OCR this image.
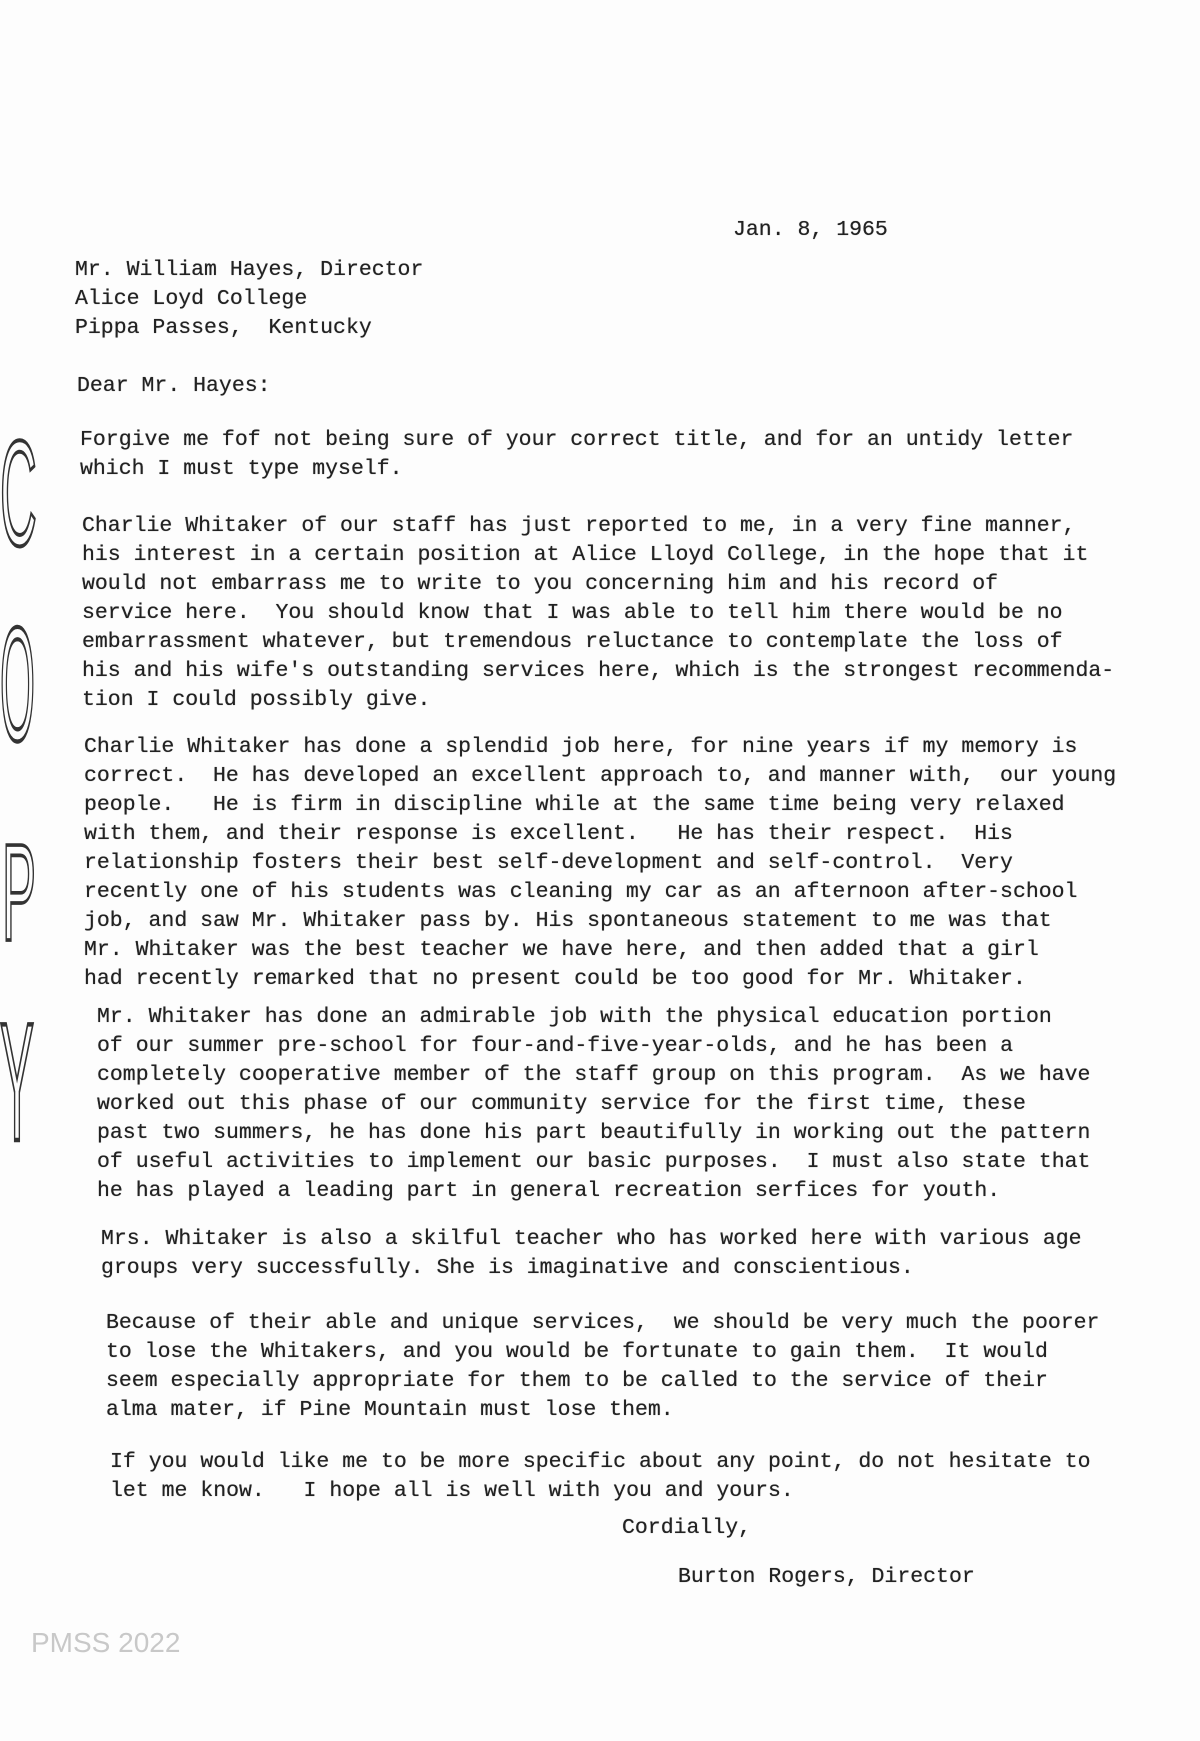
C
O
P
Y
Jan. 8, 1965
Mr. William Hayes, Director
Alice Loyd College
Pippa Passes,  Kentucky
Dear Mr. Hayes:
Forgive me fof not being sure of your correct title, and for an untidy letter
which I must type myself.
Charlie Whitaker of our staff has just reported to me, in a very fine manner,
his interest in a certain position at Alice Lloyd College, in the hope that it
would not embarrass me to write to you concerning him and his record of
service here.  You should know that I was able to tell him there would be no
embarrassment whatever, but tremendous reluctance to contemplate the loss of
his and his wife's outstanding services here, which is the strongest recommenda-
tion I could possibly give.
Charlie Whitaker has done a splendid job here, for nine years if my memory is
correct.  He has developed an excellent approach to, and manner with,  our young
people.   He is firm in discipline while at the same time being very relaxed
with them, and their response is excellent.   He has their respect.  His
relationship fosters their best self-development and self-control.  Very
recently one of his students was cleaning my car as an afternoon after-school
job, and saw Mr. Whitaker pass by. His spontaneous statement to me was that
Mr. Whitaker was the best teacher we have here, and then added that a girl
had recently remarked that no present could be too good for Mr. Whitaker.
Mr. Whitaker has done an admirable job with the physical education portion
of our summer pre-school for four-and-five-year-olds, and he has been a
completely cooperative member of the staff group on this program.  As we have
worked out this phase of our community service for the first time, these
past two summers, he has done his part beautifully in working out the pattern
of useful activities to implement our basic purposes.  I must also state that
he has played a leading part in general recreation serfices for youth.
Mrs. Whitaker is also a skilful teacher who has worked here with various age
groups very successfully. She is imaginative and conscientious.
Because of their able and unique services,  we should be very much the poorer
to lose the Whitakers, and you would be fortunate to gain them.  It would
seem especially appropriate for them to be called to the service of their
alma mater, if Pine Mountain must lose them.
If you would like me to be more specific about any point, do not hesitate to
let me know.   I hope all is well with you and yours.
Cordially,
Burton Rogers, Director
PMSS 2022
